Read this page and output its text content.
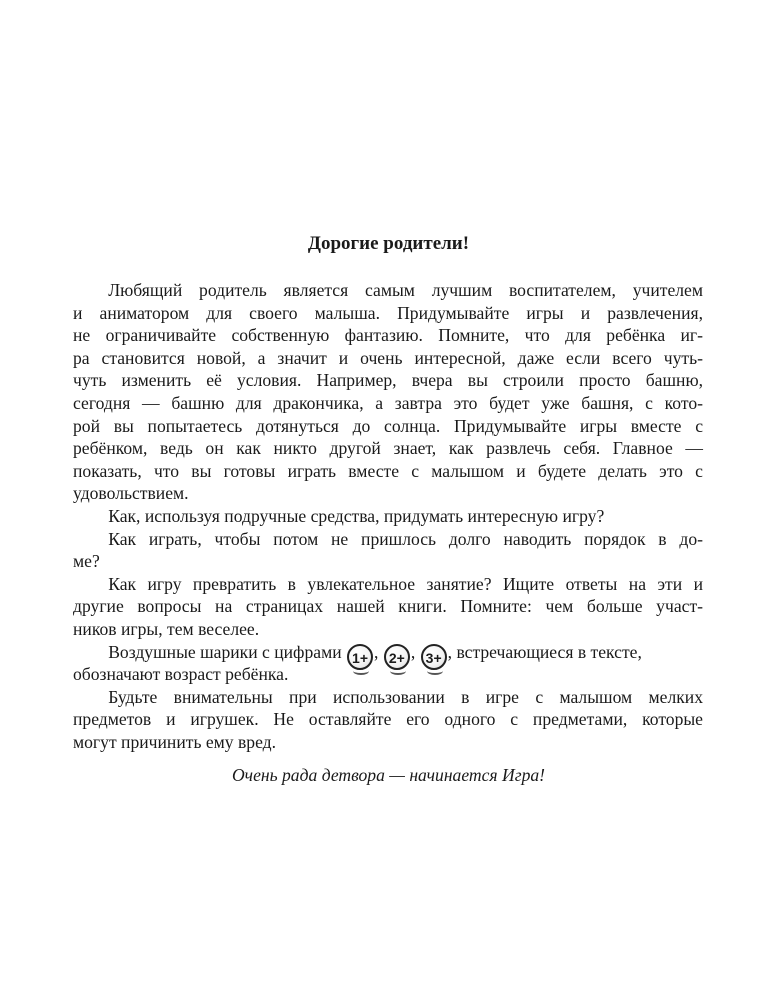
Дорогие родители!
Любящий родитель является самым лучшим воспитателем, учителем
и аниматором для своего малыша. Придумывайте игры и развлечения,
не ограничивайте собственную фантазию. Помните, что для ребёнка иг-
ра становится новой, а значит и очень интересной, даже если всего чуть-
чуть изменить её условия. Например, вчера вы строили просто башню,
сегодня — башню для дракончика, а завтра это будет уже башня, с кото-
рой вы попытаетесь дотянуться до солнца. Придумывайте игры вместе с
ребёнком, ведь он как никто другой знает, как развлечь себя. Главное —
показать, что вы готовы играть вместе с малышом и будете делать это с
удовольствием.
Как, используя подручные средства, придумать интересную игру?
Как играть, чтобы потом не пришлось долго наводить порядок в до-
ме?
Как игру превратить в увлекательное занятие? Ищите ответы на эти и
другие вопросы на страницах нашей книги. Помните: чем больше участ-
ников игры, тем веселее.
Воздушные шарики с цифрами 1+ , 2+ , 3+ , встречающиеся в тексте,
обозначают возраст ребёнка.
Будьте внимательны при использовании в игре с малышом мелких
предметов и игрушек. Не оставляйте его одного с предметами, которые
могут причинить ему вред.
Очень рада детвора — начинается Игра!
